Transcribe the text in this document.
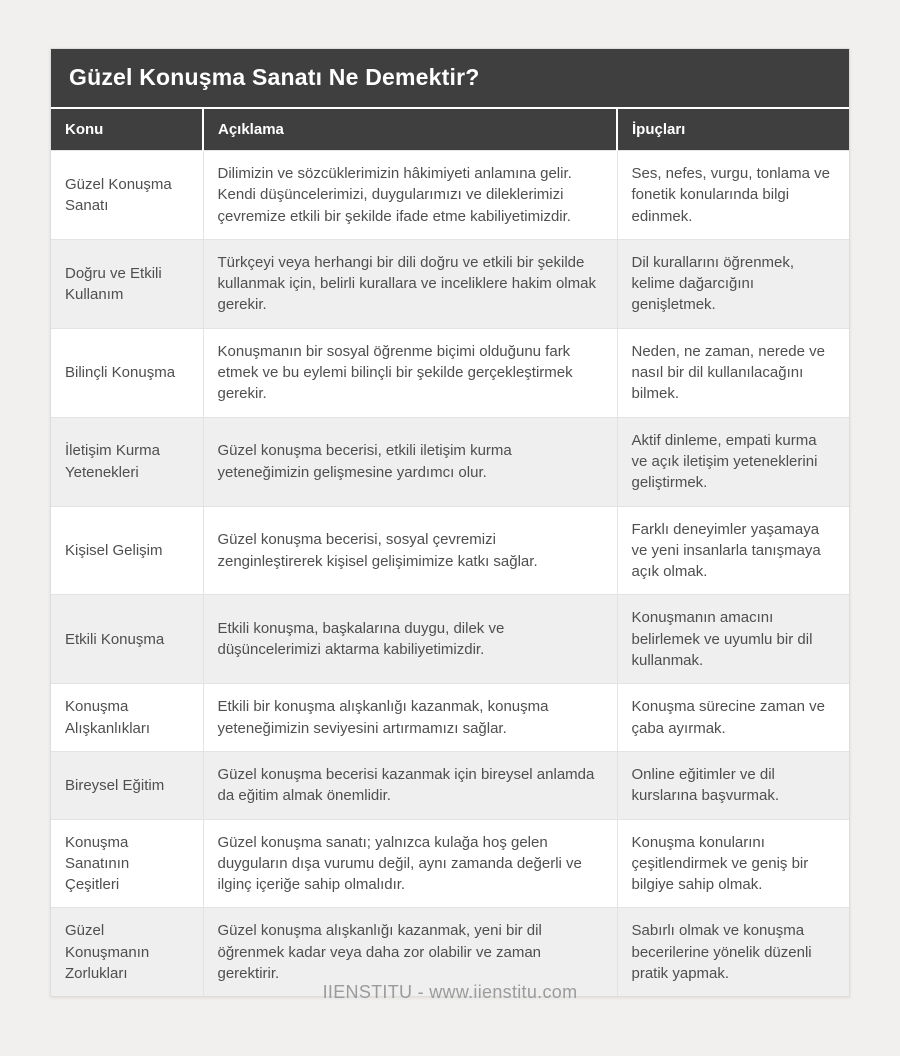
Güzel Konuşma Sanatı Ne Demektir?
Konu	Açıklama	İpuçları
Güzel Konuşma Sanatı	Dilimizin ve sözcüklerimizin hâkimiyeti anlamına gelir. Kendi düşüncelerimizi, duygularımızı ve dileklerimizi çevremize etkili bir şekilde ifade etme kabiliyetimizdir.	Ses, nefes, vurgu, tonlama ve fonetik konularında bilgi edinmek.
Doğru ve Etkili Kullanım	Türkçeyi veya herhangi bir dili doğru ve etkili bir şekilde kullanmak için, belirli kurallara ve inceliklere hakim olmak gerekir.	Dil kurallarını öğrenmek, kelime dağarcığını genişletmek.
Bilinçli Konuşma	Konuşmanın bir sosyal öğrenme biçimi olduğunu fark etmek ve bu eylemi bilinçli bir şekilde gerçekleştirmek gerekir.	Neden, ne zaman, nerede ve nasıl bir dil kullanılacağını bilmek.
İletişim Kurma Yetenekleri	Güzel konuşma becerisi, etkili iletişim kurma yeteneğimizin gelişmesine yardımcı olur.	Aktif dinleme, empati kurma ve açık iletişim yeteneklerini geliştirmek.
Kişisel Gelişim	Güzel konuşma becerisi, sosyal çevremizi zenginleştirerek kişisel gelişimimize katkı sağlar.	Farklı deneyimler yaşamaya ve yeni insanlarla tanışmaya açık olmak.
Etkili Konuşma	Etkili konuşma, başkalarına duygu, dilek ve düşüncelerimizi aktarma kabiliyetimizdir.	Konuşmanın amacını belirlemek ve uyumlu bir dil kullanmak.
Konuşma Alışkanlıkları	Etkili bir konuşma alışkanlığı kazanmak, konuşma yeteneğimizin seviyesini artırmamızı sağlar.	Konuşma sürecine zaman ve çaba ayırmak.
Bireysel Eğitim	Güzel konuşma becerisi kazanmak için bireysel anlamda da eğitim almak önemlidir.	Online eğitimler ve dil kurslarına başvurmak.
Konuşma Sanatının Çeşitleri	Güzel konuşma sanatı; yalnızca kulağa hoş gelen duyguların dışa vurumu değil, aynı zamanda değerli ve ilginç içeriğe sahip olmalıdır.	Konuşma konularını çeşitlendirmek ve geniş bir bilgiye sahip olmak.
Güzel Konuşmanın Zorlukları	Güzel konuşma alışkanlığı kazanmak, yeni bir dil öğrenmek kadar veya daha zor olabilir ve zaman gerektirir.	Sabırlı olmak ve konuşma becerilerine yönelik düzenli pratik yapmak.
IIENSTITU - www.iienstitu.com
